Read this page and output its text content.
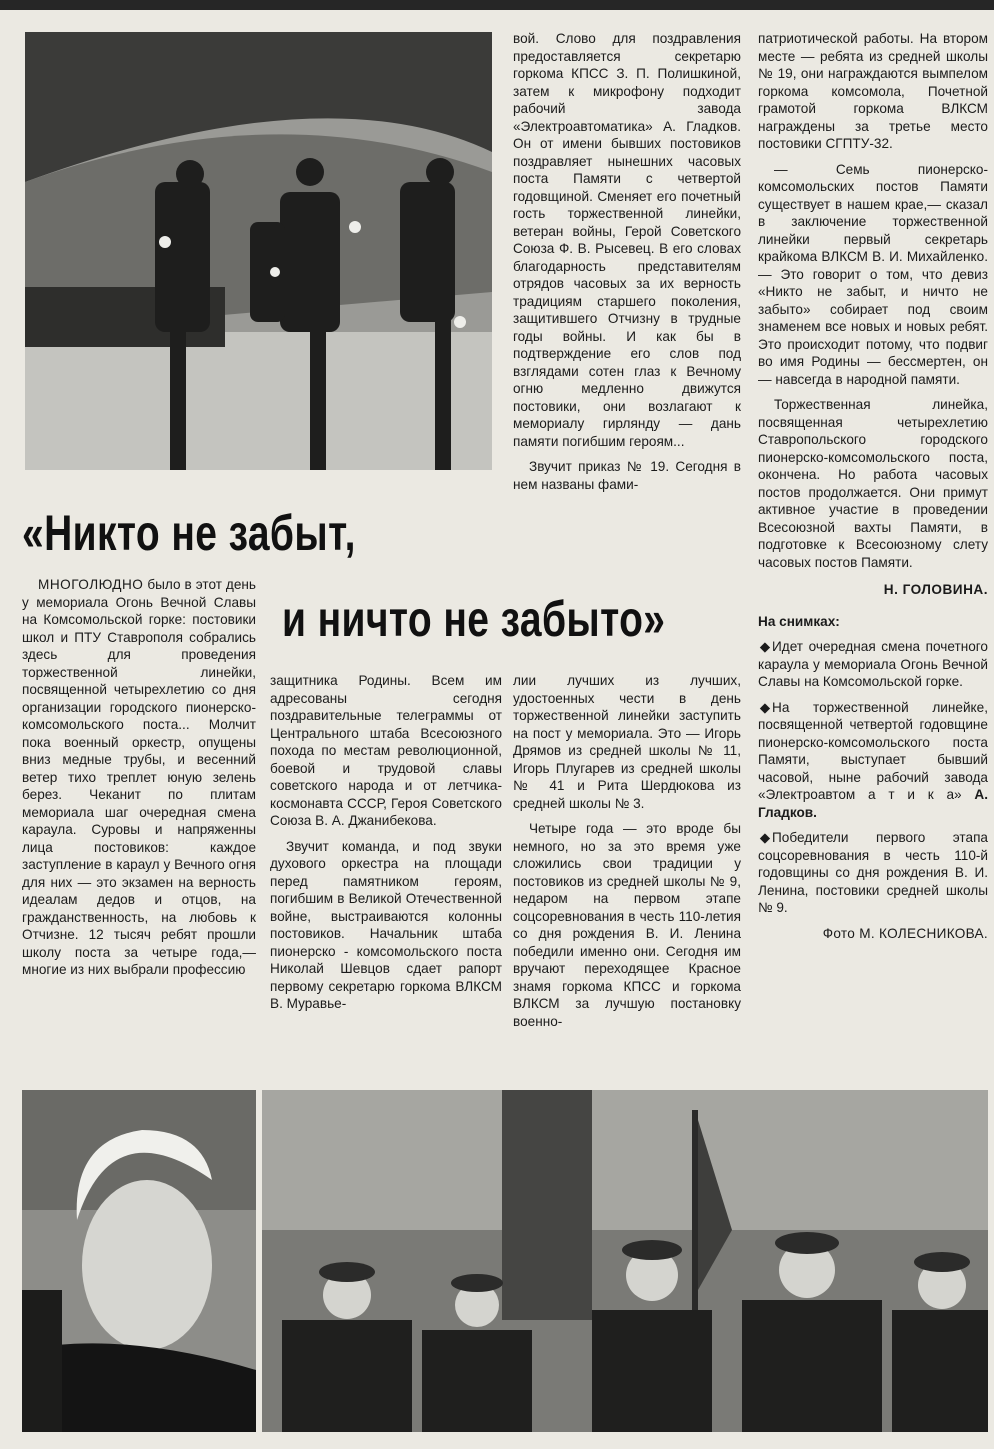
«Никто не забыт,
и ничто не забыто»

МНОГОЛЮДНО было в этот день у мемориала Огонь Вечной Славы на Комсомольской горке: постовики школ и ПТУ Ставрополя собрались здесь для проведения торжественной линейки, посвященной четырехлетию со дня организации городского пионерско-комсомольского поста... Молчит пока военный оркестр, опущены вниз медные трубы, и весенний ветер тихо треплет юную зелень берез. Чеканит по плитам мемориала шаг очередная смена караула. Суровы и напряженны лица постовиков: каждое заступление в караул у Вечного огня для них — это экзамен на верность идеалам дедов и отцов, на гражданственность, на любовь к Отчизне. 12 тысяч ребят прошли школу поста за четыре года,— многие из них выбрали профессию

защитника Родины. Всем им адресованы сегодня поздравительные телеграммы от Центрального штаба Всесоюзного похода по местам революционной, боевой и трудовой славы советского народа и от летчика-космонавта СССР, Героя Советского Союза В. А. Джанибекова.

Звучит команда, и под звуки духового оркестра на площади перед памятником героям, погибшим в Великой Отечественной войне, выстраиваются колонны постовиков. Начальник штаба пионерско - комсомольского поста Николай Шевцов сдает рапорт первому секретарю горкома ВЛКСМ В. Муравье-

вой. Слово для поздравления предоставляется секретарю горкома КПСС З. П. Полишкиной, затем к микрофону подходит рабочий завода «Электроавтоматика» А. Гладков. Он от имени бывших постовиков поздравляет нынешних часовых поста Памяти с четвертой годовщиной. Сменяет его почетный гость торжественной линейки, ветеран войны, Герой Советского Союза Ф. В. Рысевец. В его словах благодарность представителям отрядов часовых за их верность традициям старшего поколения, защитившего Отчизну в трудные годы войны. И как бы в подтверждение его слов под взглядами сотен глаз к Вечному огню медленно движутся постовики, они возлагают к мемориалу гирлянду — дань памяти погибшим героям...

Звучит приказ № 19. Сегодня в нем названы фами-

лии лучших из лучших, удостоенных чести в день торжественной линейки заступить на пост у мемориала. Это — Игорь Дрямов из средней школы № 11, Игорь Плугарев из средней школы № 41 и Рита Шердюкова из средней школы № 3.

Четыре года — это вроде бы немного, но за это время уже сложились свои традиции у постовиков из средней школы № 9, недаром на первом этапе соцсоревнования в честь 110-летия со дня рождения В. И. Ленина победили именно они. Сегодня им вручают переходящее Красное знамя горкома КПСС и горкома ВЛКСМ за лучшую постановку военно-

патриотической работы. На втором месте — ребята из средней школы № 19, они награждаются вымпелом горкома комсомола, Почетной грамотой горкома ВЛКСМ награждены за третье место постовики СГПТУ-32.

— Семь пионерско-комсомольских постов Памяти существует в нашем крае,— сказал в заключение торжественной линейки первый секретарь крайкома ВЛКСМ В. И. Михайленко. — Это говорит о том, что девиз «Никто не забыт, и ничто не забыто» собирает под своим знаменем все новых и новых ребят. Это происходит потому, что подвиг во имя Родины — бессмертен, он — навсегда в народной памяти.

Торжественная линейка, посвященная четырехлетию Ставропольского городского пионерско-комсомольского поста, окончена. Но работа часовых постов продолжается. Они примут активное участие в проведении Всесоюзной вахты Памяти, в подготовке к Всесоюзному слету часовых постов Памяти.

Н. ГОЛОВИНА.

На снимках:

◆ Идет очередная смена почетного караула у мемориала Огонь Вечной Славы на Комсомольской горке.

◆ На торжественной линейке, посвященной четвертой годовщине пионерско-комсомольского поста Памяти, выступает бывший часовой, ныне рабочий завода «Электроавтом а т и к а» А. Гладков.

◆ Победители первого этапа соцсоревнования в честь 110-й годовщины со дня рождения В. И. Ленина, постовики средней школы № 9.

Фото М. КОЛЕСНИКОВА.
